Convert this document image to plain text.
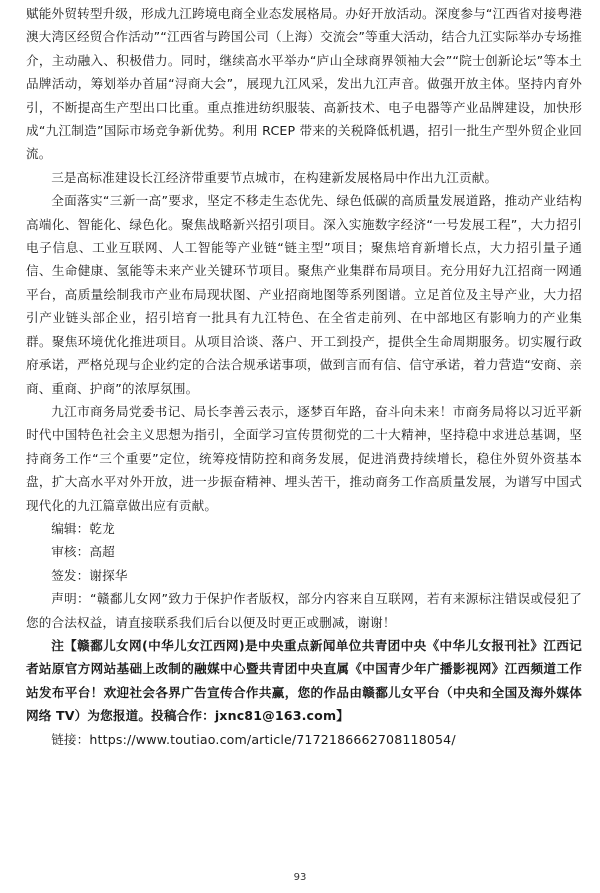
赋能外贸转型升级，形成九江跨境电商全业态发展格局。办好开放活动。深度参与“江西省对接粤港澳大湾区经贸合作活动”“江西省与跨国公司（上海）交流会”等重大活动，结合九江实际举办专场推介，主动融入、积极借力。同时，继续高水平举办“庐山全球商界领袖大会”“院士创新论坛”等本土品牌活动，筹划举办首届“浔商大会”，展现九江风采，发出九江声音。做强开放主体。坚持内育外引，不断提高生产型出口比重。重点推进纺织服装、高新技术、电子电器等产业品牌建设，加快形成“九江制造”国际市场竞争新优势。利用 RCEP 带来的关税降低机遇，招引一批生产型外贸企业回流。

三是高标准建设长江经济带重要节点城市，在构建新发展格局中作出九江贡献。

全面落实“三新一高”要求，坚定不移走生态优先、绿色低碳的高质量发展道路，推动产业结构高端化、智能化、绿色化。聚焦战略新兴招引项目。深入实施数字经济“一号发展工程”，大力招引电子信息、工业互联网、人工智能等产业链“链主型”项目；聚焦培育新增长点，大力招引量子通信、生命健康、氢能等未来产业关键环节项目。聚焦产业集群布局项目。充分用好九江招商一网通平台，高质量绘制我市产业布局现状图、产业招商地图等系列图谱。立足首位及主导产业，大力招引产业链头部企业，招引培育一批具有九江特色、在全省走前列、在中部地区有影响力的产业集群。聚焦环境优化推进项目。从项目洽谈、落户、开工到投产，提供全生命周期服务。切实履行政府承诺，严格兑现与企业约定的合法合规承诺事项，做到言而有信、信守承诺，着力营造“安商、亲商、重商、护商”的浓厚氛围。

九江市商务局党委书记、局长李善云表示，逐梦百年路，奋斗向未来！市商务局将以习近平新时代中国特色社会主义思想为指引，全面学习宣传贯彻党的二十大精神，坚持稳中求进总基调，坚持商务工作“三个重要”定位，统筹疫情防控和商务发展，促进消费持续增长，稳住外贸外资基本盘，扩大高水平对外开放，进一步振奋精神、埋头苦干，推动商务工作高质量发展，为谱写中国式现代化的九江篇章做出应有贡献。

编辑：乾龙

审核：高超

签发：谢探华

声明：“赣鄱儿女网”致力于保护作者版权，部分内容来自互联网，若有来源标注错误或侵犯了您的合法权益，请直接联系我们后台以便及时更正或删减，谢谢！

注【赣鄱儿女网(中华儿女江西网)是中央重点新闻单位共青团中央《中华儿女报刊社》江西记者站原官方网站基础上改制的融媒中心暨共青团中央直属《中国青少年广播影视网》江西频道工作站发布平台！欢迎社会各界广告宣传合作共赢，您的作品由赣鄱儿女平台（中央和全国及海外媒体网络 TV）为您报道。投稿合作：jxnc81@163.com】

链接：https://www.toutiao.com/article/7172186662708118054/

93
